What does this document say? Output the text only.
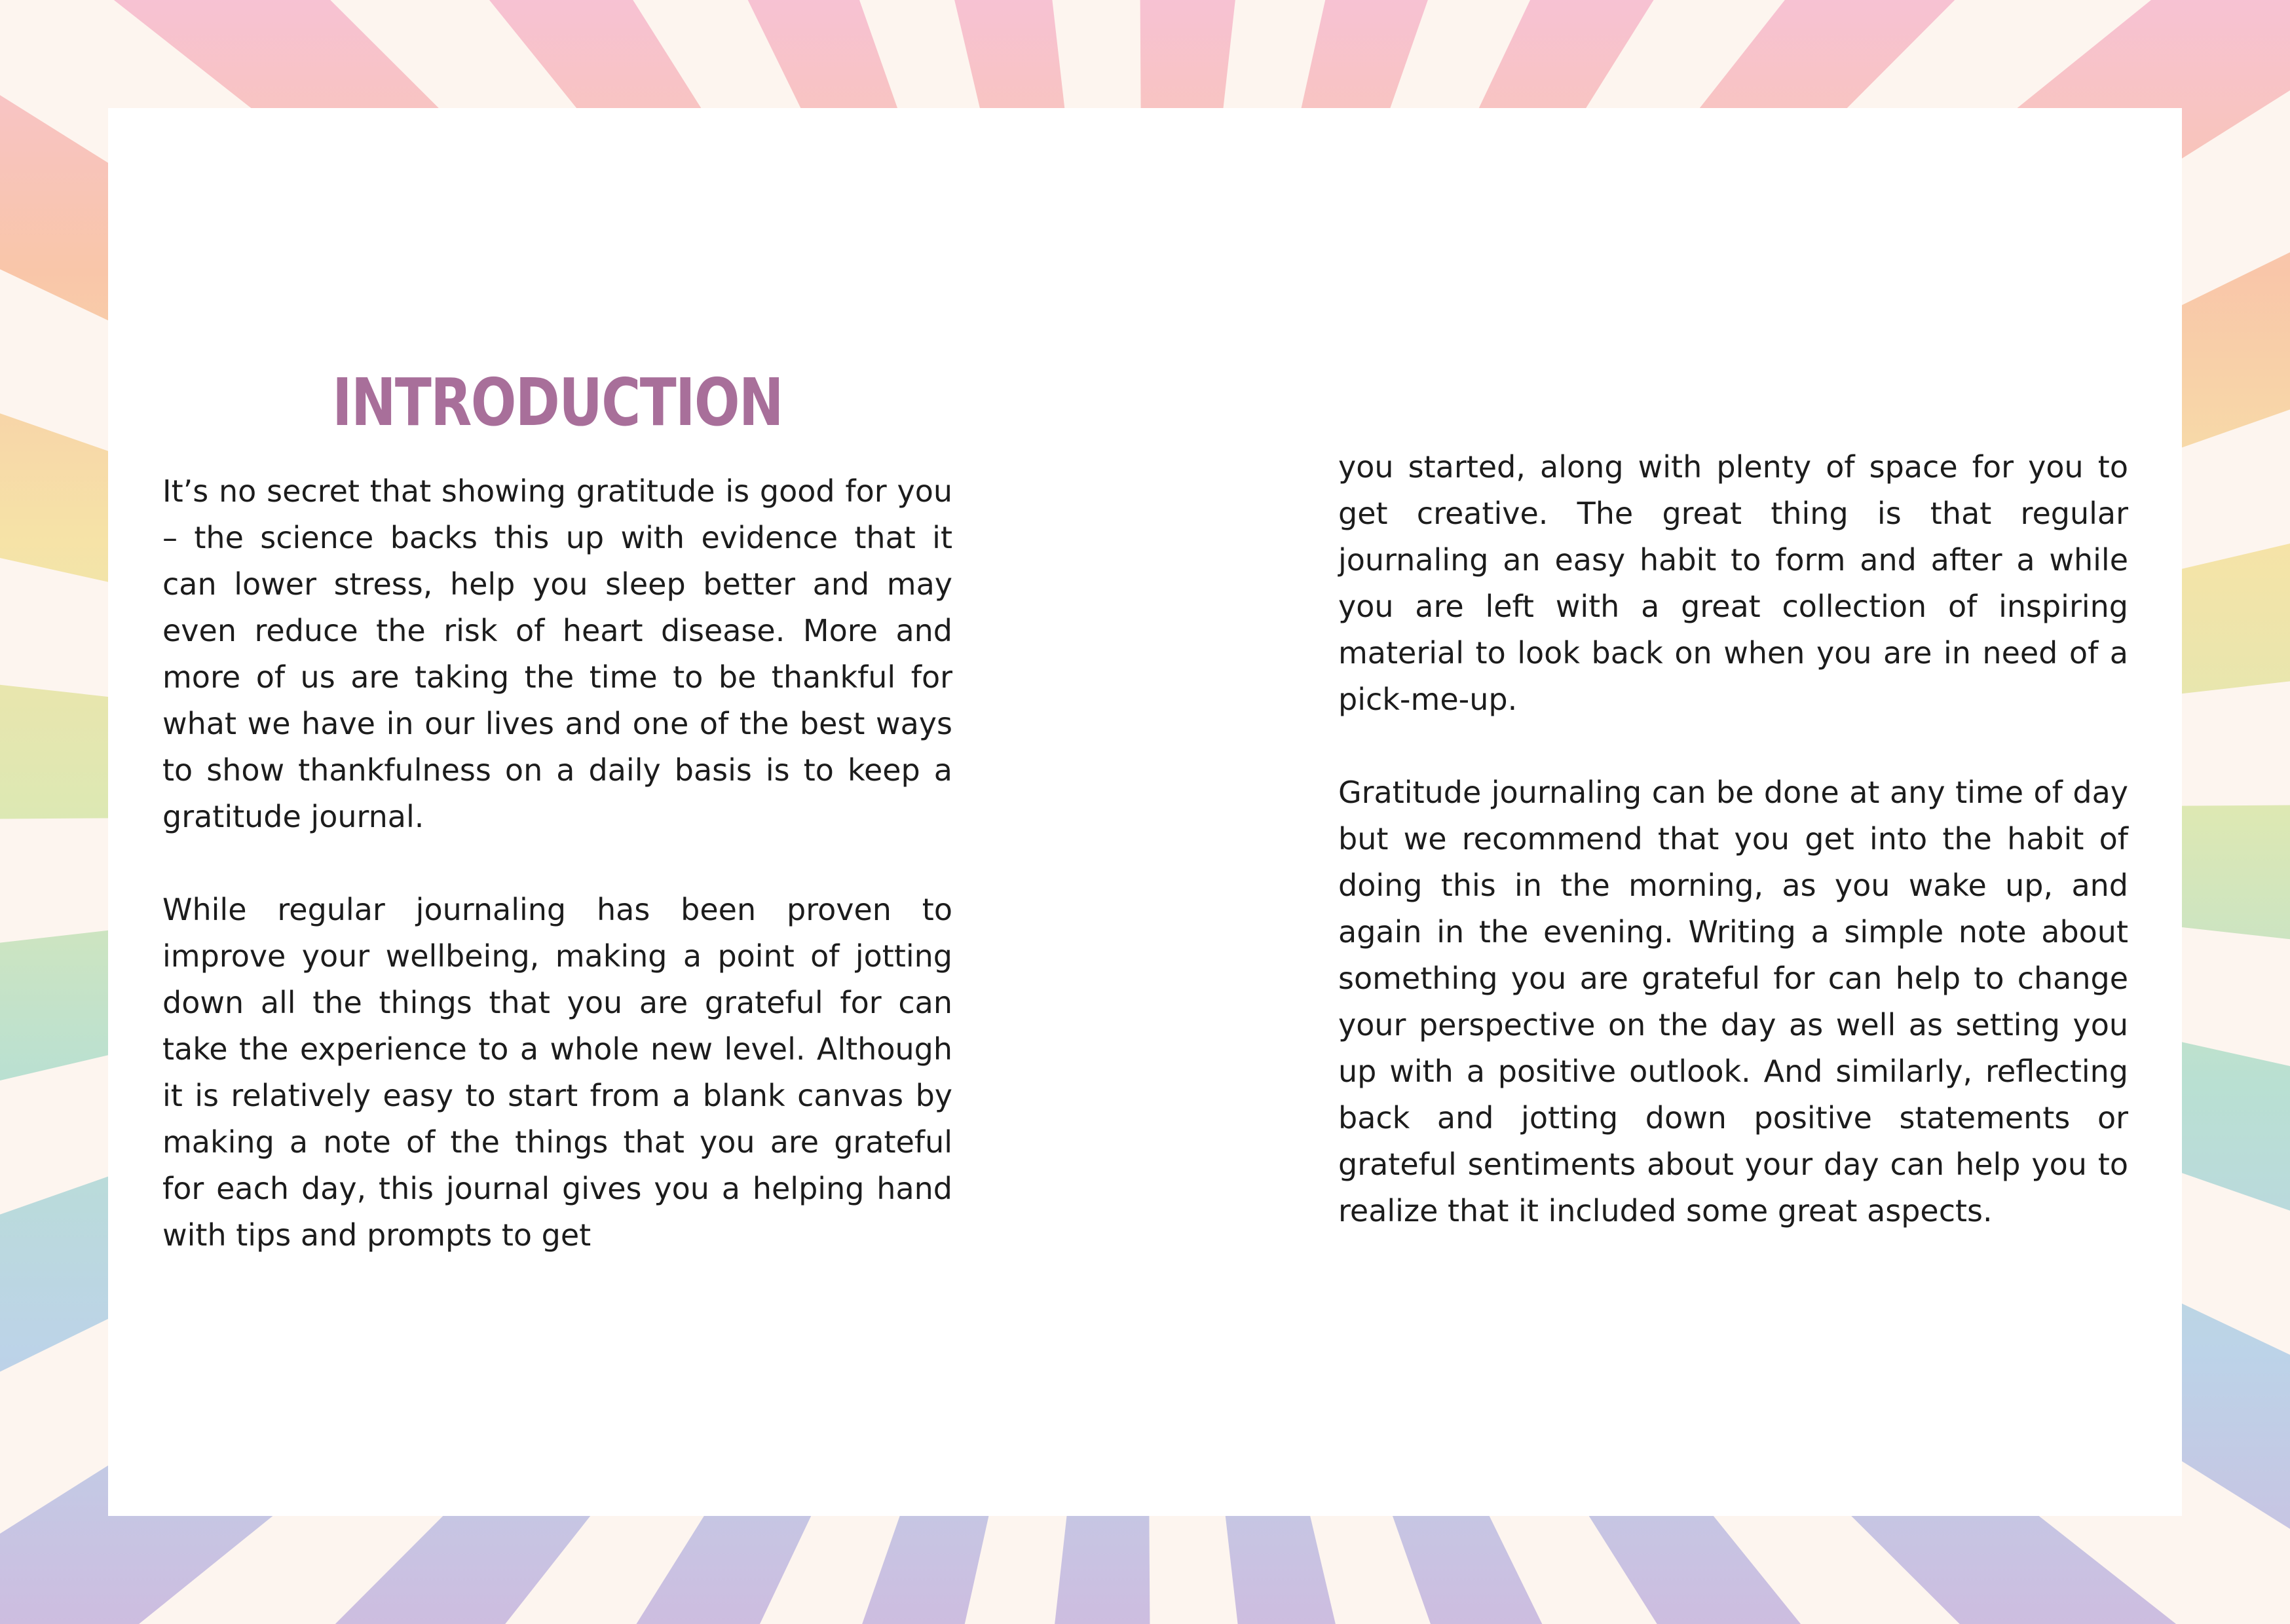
INTRODUCTION

It’s no secret that showing gratitude is good for you – the science backs this up with evidence that it can lower stress, help you sleep better and may even reduce the risk of heart disease. More and more of us are taking the time to be thankful for what we have in our lives and one of the best ways to show thankfulness on a daily basis is to keep a gratitude journal.

While regular journaling has been proven to improve your wellbeing, making a point of jotting down all the things that you are grateful for can take the experience to a whole new level. Although it is relatively easy to start from a blank canvas by making a note of the things that you are grateful for each day, this journal gives you a helping hand with tips and prompts to get

you started, along with plenty of space for you to get creative. The great thing is that regular journaling an easy habit to form and after a while you are left with a great collection of inspiring material to look back on when you are in need of a pick-me-up.

Gratitude journaling can be done at any time of day but we recommend that you get into the habit of doing this in the morning, as you wake up, and again in the evening. Writing a simple note about something you are grateful for can help to change your perspective on the day as well as setting you up with a positive outlook. And similarly, reflecting back and jotting down positive statements or grateful sentiments about your day can help you to realize that it included some great aspects.
